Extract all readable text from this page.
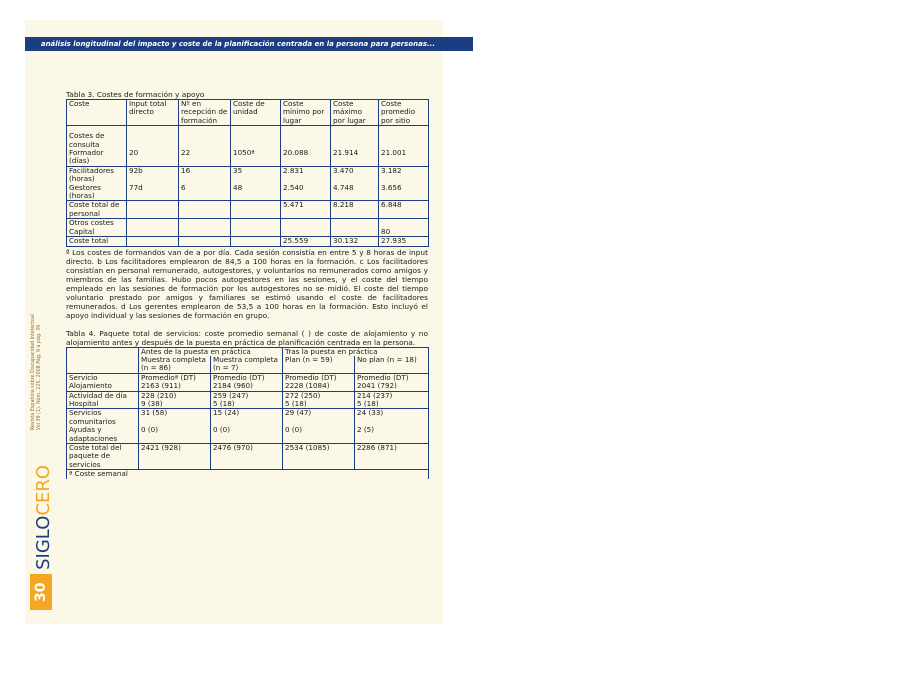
análisis longitudinal del impacto y coste de la planificación centrada en la persona para personas...
Revista Española sobre Discapacidad Intelectual Vol 39 (1), Núm. 225, 2008 Pág. 9 a pág. 39
SIGLOCERO
30
Tabla 3. Costes de formación y apoyo
Coste	Input total directo	Nº en recepción de formación	Coste de unidad	Coste mínimo por lugar	Coste máximo por lugar	Coste promedio por sitio
Costes de consulta						
Formador (días)	20	22	1050ª	20.088	21.914	21.001
Facilitadores (horas)	92b	16	35	2.831	3.470	3.182
Gestores (horas)	77d	6	48	2.540	4.748	3.656
Coste total de personal				5.471	8.218	6.848
Otros costes Capital						80
Coste total				25.559	30.132	27.935
ª Los costes de formandos van de a por día. Cada sesión consistía en entre 5 y 8 horas de input directo. b Los facilitadores emplearon de 84,5 a 100 horas en la formación. c Los facilitadores consistían en personal remunerado, autogestores, y voluntarios no remunerados como amigos y miembros de las familias. Hubo pocos autogestores en las sesiones, y el coste del tiempo empleado en las sesiones de formación por los autogestores no se midió. El coste del tiempo voluntario prestado por amigos y familiares se estimó usando el coste de facilitadores remunerados. d Los gerentes emplearon de 53,5 a 100 horas en la formación. Esto incluyó el apoyo individual y las sesiones de formación en grupo.
Tabla 4. Paquete total de servicios: coste promedio semanal ( ) de coste de alojamiento y no alojamiento antes y después de la puesta en práctica de planificación centrada en la persona.
	Antes de la puesta en práctica		Tras la puesta en práctica	
	Muestra completa (n = 86)	Muestra completa (n = 7)	Plan (n = 59)	No plan (n = 18)
Servicio	Promedioª (DT)	Promedio (DT)	Promedio (DT)	Promedio (DT)
Alojamiento	2163 (911)	2184 (960)	2228 (1084)	2041 (792)
Actividad de día	228 (210)	259 (247)	272 (250)	214 (237)
Hospital	9 (38)	5 (18)	5 (18)	5 (18)
Servicios comunitarios	31 (58)	15 (24)	29 (47)	24 (33)
Ayudas y adaptaciones	0 (0)	0 (0)	0 (0)	2 (5)
Coste total del paquete de servicios	2421 (928)	2476 (970)	2534 (1085)	2286 (871)
ª Coste semanal				
